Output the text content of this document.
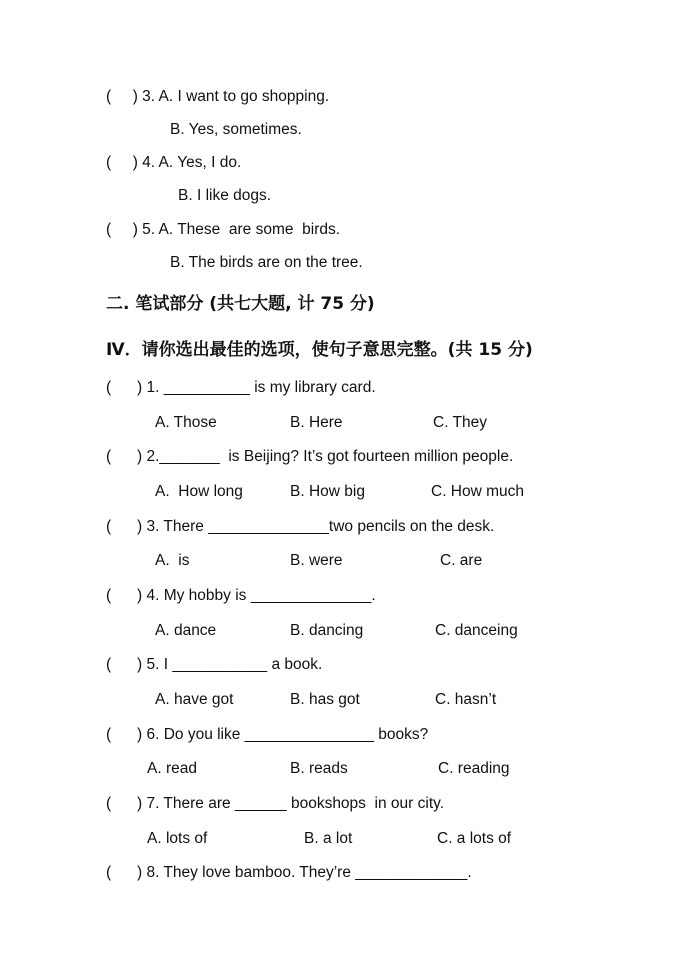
(     ) 3. A. I want to go shopping.
B. Yes, sometimes.
(     ) 4. A. Yes, I do.
B. I like dogs.
(     ) 5. A. These  are some  birds.
B. The birds are on the tree.
二. 笔试部分 (共七大题, 计 75 分)
Ⅳ．请你选出最佳的选项，使句子意思完整。(共 15 分)
(      ) 1. __________ is my library card.
A. Those	B. Here	C. They
(      ) 2._______  is Beijing? It’s got fourteen million people.
A.  How long	B. How big	C. How much
(      ) 3. There ______________two pencils on the desk.
A.  is	B. were	C. are
(      ) 4. My hobby is ______________.
A. dance	B. dancing	C. danceing
(      ) 5. I ___________ a book.
A. have got	B. has got	C. hasn’t
(      ) 6. Do you like _______________ books?
A. read	B. reads	C. reading
(      ) 7. There are ______ bookshops  in our city.
A. lots of	B. a lot	C. a lots of
(      ) 8. They love bamboo. They’re _____________.
